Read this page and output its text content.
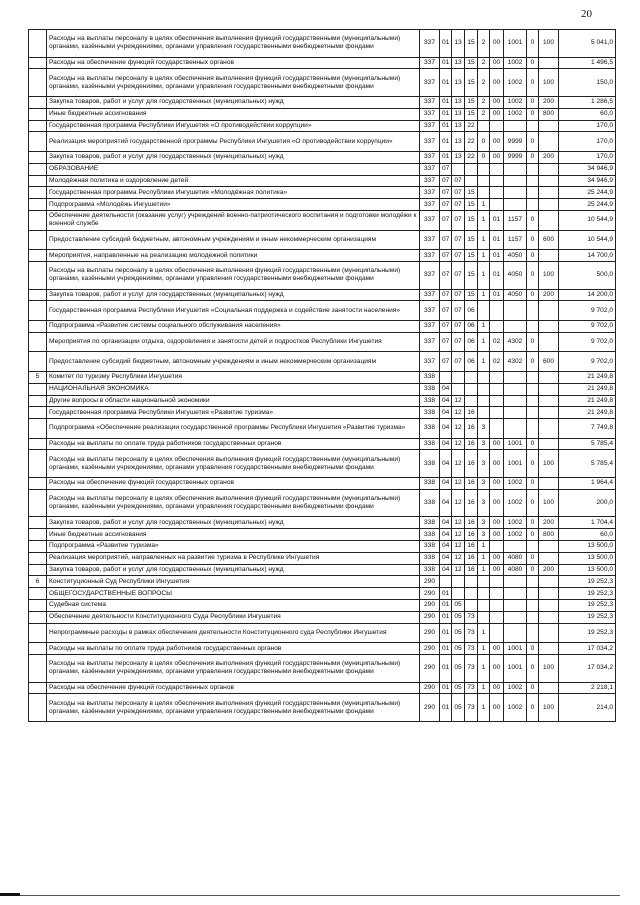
20
	Расходы на выплаты персоналу в целях обеспечения выполнения функций государственными (муниципальными) органами, казёнными учреждениями, органами управления государственными внебюджетными фондами	337	01	13	15	2	00	1001	0	100	5 041,0
	Расходы на обеспечение функций государственных органов	337	01	13	15	2	00	1002	0		1 496,5
	Расходы на выплаты персоналу в целях обеспечения выполнения функций государственными (муниципальными) органами, казёнными учреждениями, органами управления государственными внебюджетными фондами	337	01	13	15	2	00	1002	0	100	150,0
	Закупка товаров, работ и услуг для государственных (муниципальных) нужд	337	01	13	15	2	00	1002	0	200	1 286,5
	Иные бюджетные ассигнования	337	01	13	15	2	00	1002	0	800	60,0
	Государственная программа Республики Ингушетия «О противодействии коррупции»	337	01	13	22						170,0
	Реализация мероприятий государственной программы Республики Ингушетия «О противодействии коррупции»	337	01	13	22	0	00	9999	0		170,0
	Закупка товаров, работ и услуг для государственных (муниципальных) нужд	337	01	13	22	0	00	9999	0	200	170,0
	ОБРАЗОВАНИЕ	337	07								34 946,9
	Молодёжная политика и оздоровление детей	337	07	07							34 946,9
	Государственная программа Республики Ингушетия «Молодёжная политика»	337	07	07	15						25 244,9
	Подпрограмма «Молодёжь Ингушетии»	337	07	07	15	1					25 244,9
	Обеспечение деятельности (оказание услуг) учреждений военно-патриотического воспитания и подготовки молодёжи к военной службе	337	07	07	15	1	01	1157	0		10 544,9
	Предоставление субсидий бюджетным, автономным учреждениям и иным некоммерческим организациям	337	07	07	15	1	01	1157	0	600	10 544,9
	Мероприятия, направленные на реализацию молодежной политики	337	07	07	15	1	01	4050	0		14 700,0
	Расходы на выплаты персоналу в целях обеспечения выполнения функций государственными (муниципальными) органами, казёнными учреждениями, органами управления государственными внебюджетными фондами	337	07	07	15	1	01	4050	0	100	500,0
	Закупка товаров, работ и услуг для государственных (муниципальных) нужд	337	07	07	15	1	01	4050	0	200	14 200,0
	Государственная программа Республики Ингушетия «Социальная поддержка и содействие занятости населения»	337	07	07	06						9 702,0
	Подпрограмма «Развитие системы социального обслуживания населения»	337	07	07	06	1					9 702,0
	Мероприятия по организации отдыха, оздоровления и занятости детей и подростков Республики Ингушетия	337	07	07	06	1	02	4302	0		9 702,0
	Предоставление субсидий бюджетным, автономным учреждениям и иным некоммерческим организациям	337	07	07	06	1	02	4302	0	600	9 702,0
5	Комитет по туризму Республики Ингушетия	338									21 249,8
	НАЦИОНАЛЬНАЯ ЭКОНОМИКА	338	04								21 249,8
	Другие вопросы в области национальной экономики	338	04	12							21 249,8
	Государственная программа Республики Ингушетия «Развитие туризма»	338	04	12	16						21 249,8
	Подпрограмма «Обеспечение реализации государственной программы Республики Ингушетия «Развитие туризма»	338	04	12	16	3					7 749,8
	Расходы на выплаты по оплате труда работников государственных органов	338	04	12	16	3	00	1001	0		5 785,4
	Расходы на выплаты персоналу в целях обеспечения выполнения функций государственными (муниципальными) органами, казёнными учреждениями, органами управления государственными внебюджетными фондами	338	04	12	16	3	00	1001	0	100	5 785,4
	Расходы на обеспечение функций государственных органов	338	04	12	16	3	00	1002	0		1 964,4
	Расходы на выплаты персоналу в целях обеспечения выполнения функций государственными (муниципальными) органами, казёнными учреждениями, органами управления государственными внебюджетными фондами	338	04	12	16	3	00	1002	0	100	200,0
	Закупка товаров, работ и услуг для государственных (муниципальных) нужд	338	04	12	16	3	00	1002	0	200	1 704,4
	Иные бюджетные ассигнования	338	04	12	16	3	00	1002	0	800	60,0
	Подпрограмма «Развитие туризма»	338	04	12	16	1					13 500,0
	Реализация мероприятий, направленных на развитие туризма в Республике Ингушетия	338	04	12	16	1	00	4080	0		13 500,0
	Закупка товаров, работ и услуг для государственных (муниципальных) нужд	338	04	12	16	1	00	4080	0	200	13 500,0
6	Конституционный Суд Республики Ингушетия	290									19 252,3
	ОБЩЕГОСУДАРСТВЕННЫЕ ВОПРОСЫ	290	01								19 252,3
	Судебная система	290	01	05							19 252,3
	Обеспечение деятельности Конституционного Суда Республики Ингушетия	290	01	05	73						19 252,3
	Непрограммные расходы в рамках обеспечения деятельности Конституционного суда Республики Ингушетия	290	01	05	73	1					19 252,3
	Расходы на выплаты по оплате труда работников государственных органов	290	01	05	73	1	00	1001	0		17 034,2
	Расходы на выплаты персоналу в целях обеспечения выполнения функций государственными (муниципальными) органами, казёнными учреждениями, органами управления государственными внебюджетными фондами	290	01	05	73	1	00	1001	0	100	17 034,2
	Расходы на обеспечение функций государственных органов	290	01	05	73	1	00	1002	0		2 218,1
	Расходы на выплаты персоналу в целях обеспечения выполнения функций государственными (муниципальными) органами, казёнными учреждениями, органами управления государственными внебюджетными фондами	290	01	05	73	1	00	1002	0	100	214,0
